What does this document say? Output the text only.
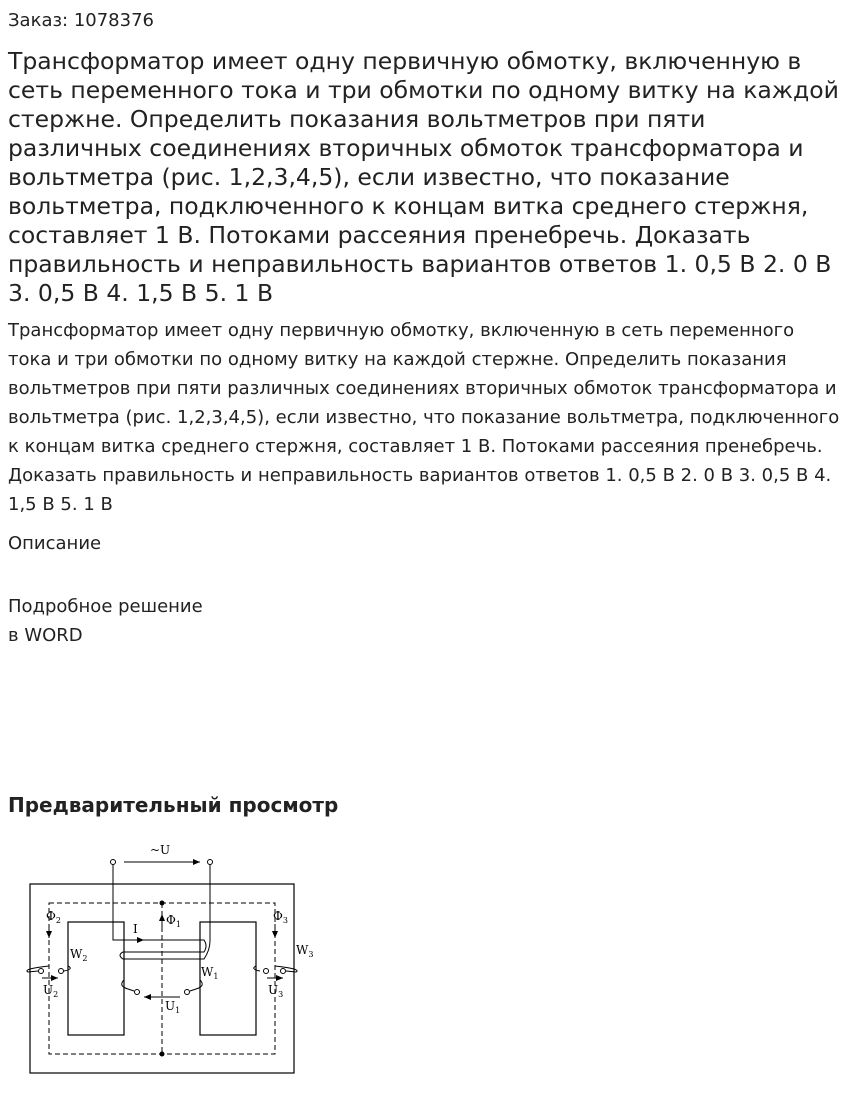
Заказ: 1078376
Трансформатор имеет одну первичную обмотку, включенную в сеть переменного тока и три обмотки по одному витку на каждой стержне. Определить показания вольтметров при пяти различных соединениях вторичных обмоток трансформатора и вольтметра (рис. 1,2,3,4,5), если известно, что показание вольтметра, подключенного к концам витка среднего стержня, составляет 1 В. Потоками рассеяния пренебречь. Доказать правильность и неправильность вариантов ответов 1. 0,5 В 2. 0 В 3. 0,5 В 4. 1,5 В 5. 1 В

Трансформатор имеет одну первичную обмотку, включенную в сеть переменного тока и три обмотки по одному витку на каждой стержне. Определить показания вольтметров при пяти различных соединениях вторичных обмоток трансформатора и вольтметра (рис. 1,2,3,4,5), если известно, что показание вольтметра, подключенного к концам витка среднего стержня, составляет 1 В. Потоками рассеяния пренебречь. Доказать правильность и неправильность вариантов ответов 1. 0,5 В 2. 0 В 3. 0,5 В 4. 1,5 В 5. 1 В

Описание
Подробное решение
в WORD
Предварительный просмотр
~U
I
$\Phi_1$
$\Phi_2$	$\Phi_3$
$W_1$
$W_2$
$W_3$
$U_1$
$U_2$	$U_3$
